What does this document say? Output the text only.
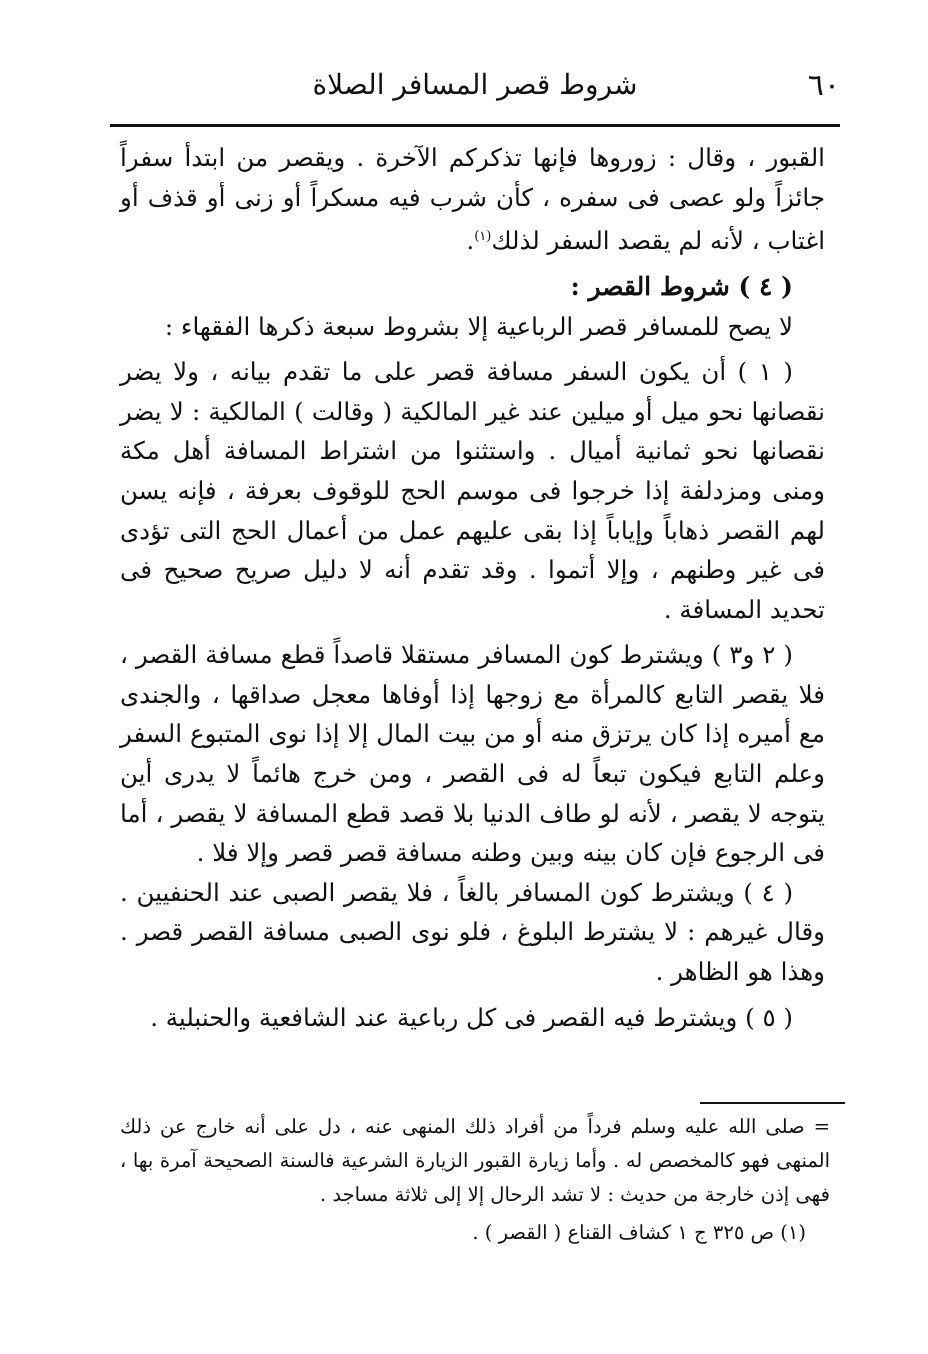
٦٠
شروط قصر المسافر الصلاة

القبور ، وقال : زوروها فإنها تذكركم الآخرة . ويقصر من ابتدأ سفراً جائزاً ولو عصى فى سفره ، كأن شرب فيه مسكراً أو زنى أو قذف أو اغتاب ، لأنه لم يقصد السفر لذلك$^{(١)}$.

( ٤ ) شروط القصر :

لا يصح للمسافر قصر الرباعية إلا بشروط سبعة ذكرها الفقهاء :

( ١ ) أن يكون السفر مسافة قصر على ما تقدم بيانه ، ولا يضر نقصانها نحو ميل أو ميلين عند غير المالكية ( وقالت ) المالكية : لا يضر نقصانها نحو ثمانية أميال . واستثنوا من اشتراط المسافة أهل مكة ومنى ومزدلفة إذا خرجوا فى موسم الحج للوقوف بعرفة ، فإنه يسن لهم القصر ذهاباً وإياباً إذا بقى عليهم عمل من أعمال الحج التى تؤدى فى غير وطنهم ، وإلا أتموا . وقد تقدم أنه لا دليل صريح صحيح فى تحديد المسافة .

( ٢ و٣ ) ويشترط كون المسافر مستقلا قاصداً قطع مسافة القصر ، فلا يقصر التابع كالمرأة مع زوجها إذا أوفاها معجل صداقها ، والجندى مع أميره إذا كان يرتزق منه أو من بيت المال إلا إذا نوى المتبوع السفر وعلم التابع فيكون تبعاً له فى القصر ، ومن خرج هائماً لا يدرى أين يتوجه لا يقصر ، لأنه لو طاف الدنيا بلا قصد قطع المسافة لا يقصر ، أما فى الرجوع فإن كان بينه وبين وطنه مسافة قصر قصر وإلا فلا .

( ٤ ) ويشترط كون المسافر بالغاً ، فلا يقصر الصبى عند الحنفيين . وقال غيرهم : لا يشترط البلوغ ، فلو نوى الصبى مسافة القصر قصر . وهذا هو الظاهر .

( ٥ ) ويشترط فيه القصر فى كل رباعية عند الشافعية والحنبلية .

= صلى الله عليه وسلم فرداً من أفراد ذلك المنهى عنه ، دل على أنه خارج عن ذلك المنهى فهو كالمخصص له . وأما زيارة القبور الزيارة الشرعية فالسنة الصحيحة آمرة بها ، فهى إذن خارجة من حديث : لا تشد الرحال إلا إلى ثلاثة مساجد .

(١) ص ٣٢٥ ج ١ كشاف القناع ( القصر ) .
